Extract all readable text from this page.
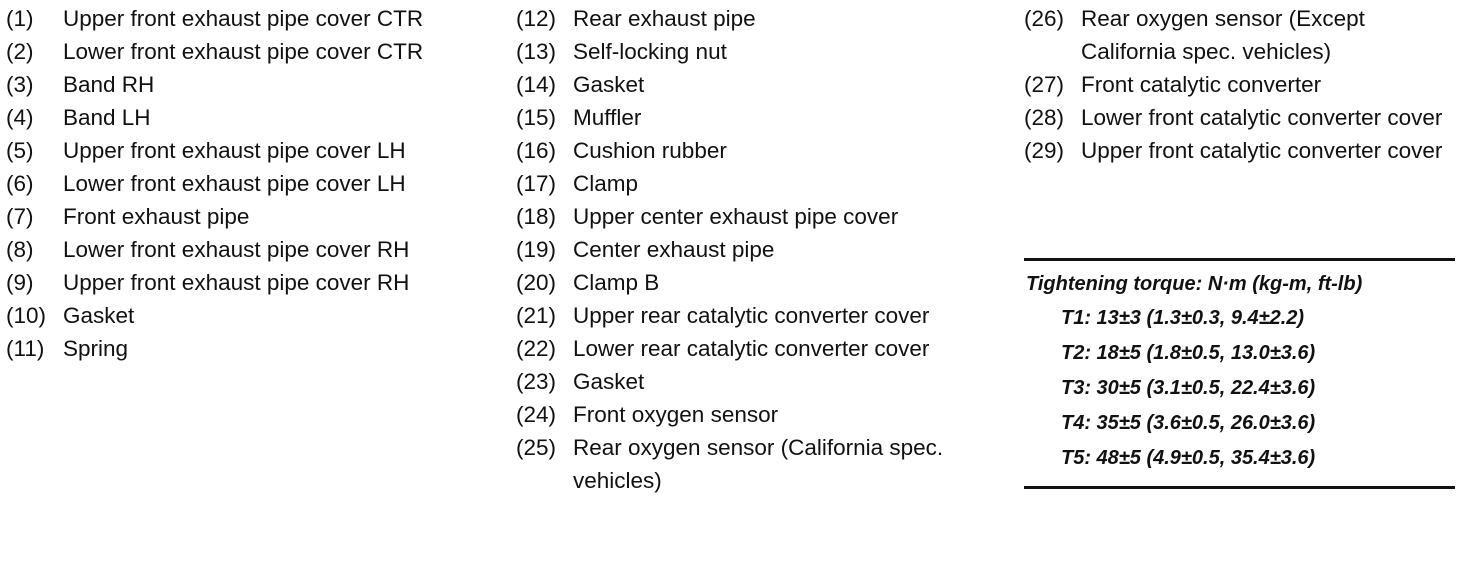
(1)	Upper front exhaust pipe cover CTR
(2)	Lower front exhaust pipe cover CTR
(3)	Band RH
(4)	Band LH
(5)	Upper front exhaust pipe cover LH
(6)	Lower front exhaust pipe cover LH
(7)	Front exhaust pipe
(8)	Lower front exhaust pipe cover RH
(9)	Upper front exhaust pipe cover RH
(10) Gasket
(11) Spring
(12) Rear exhaust pipe
(13) Self-locking nut
(14) Gasket
(15) Muffler
(16) Cushion rubber
(17) Clamp
(18) Upper center exhaust pipe cover
(19) Center exhaust pipe
(20) Clamp B
(21) Upper rear catalytic converter cover
(22) Lower rear catalytic converter cover
(23) Gasket
(24) Front oxygen sensor
(25) Rear oxygen sensor (California spec. vehicles)
(26) Rear oxygen sensor (Except California spec. vehicles)
(27) Front catalytic converter
(28) Lower front catalytic converter cover
(29) Upper front catalytic converter cover
Tightening torque: N·m (kg-m, ft-lb)
T1: 13±3 (1.3±0.3, 9.4±2.2)
T2: 18±5 (1.8±0.5, 13.0±3.6)
T3: 30±5 (3.1±0.5, 22.4±3.6)
T4: 35±5 (3.6±0.5, 26.0±3.6)
T5: 48±5 (4.9±0.5, 35.4±3.6)
